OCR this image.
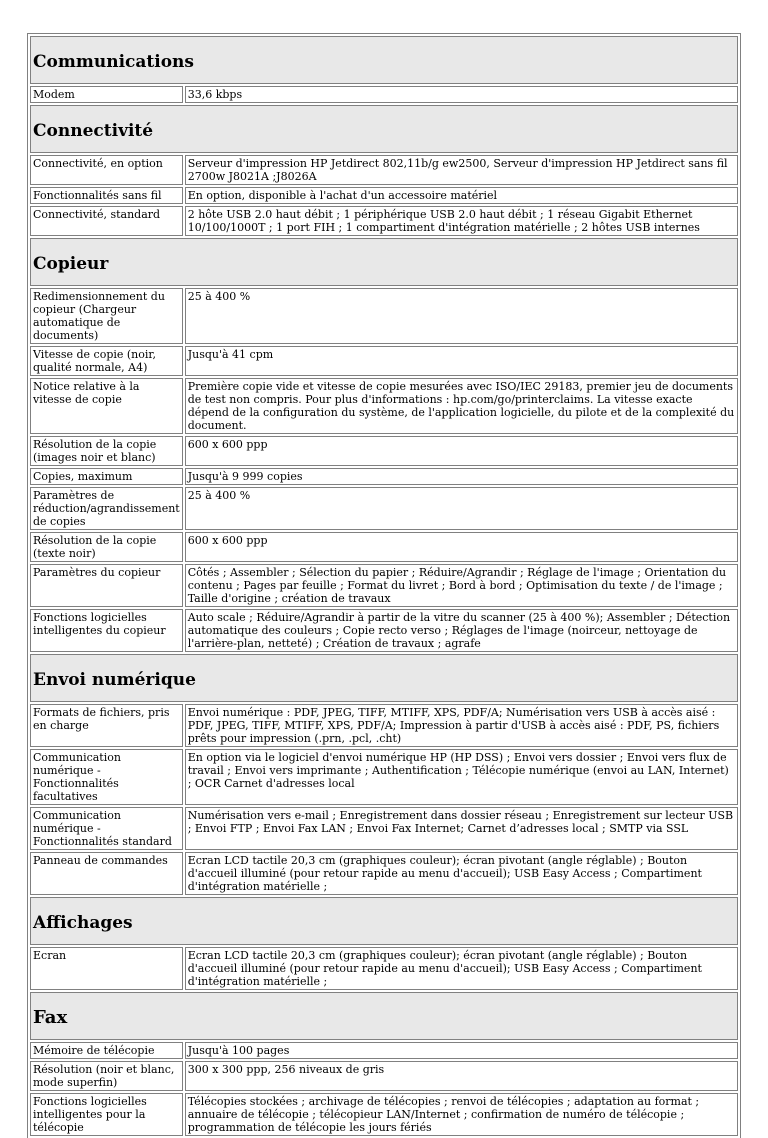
Communications	

Modem	33,6 kbps

Connectivité	

Connectivité, en option	Serveur d'impression HP Jetdirect 802,11b/g ew2500, Serveur d'impression HP Jetdirect sans fil 2700w J8021A ;J8026A
Fonctionnalités sans fil	En option, disponible à l'achat d'un accessoire matériel
Connectivité, standard	2 hôte USB 2.0 haut débit ; 1 périphérique USB 2.0 haut débit ; 1 réseau Gigabit Ethernet 10/100/1000T ; 1 port FIH ; 1 compartiment d'intégration matérielle ; 2 hôtes USB internes

Copieur	

Redimensionnement du copieur (Chargeur automatique de documents)	25 à 400 %
Vitesse de copie (noir, qualité normale, A4)	Jusqu'à 41 cpm
Notice relative à la vitesse de copie	Première copie vide et vitesse de copie mesurées avec ISO/IEC 29183, premier jeu de documents de test non compris. Pour plus d'informations : hp.com/go/printerclaims. La vitesse exacte dépend de la configuration du système, de l'application logicielle, du pilote et de la complexité du document.
Résolution de la copie (images noir et blanc)	600 x 600 ppp
Copies, maximum	Jusqu'à 9 999 copies
Paramètres de réduction/agrandissement de copies	25 à 400 %
Résolution de la copie (texte noir)	600 x 600 ppp
Paramètres du copieur	Côtés ; Assembler ; Sélection du papier ; Réduire/Agrandir ; Réglage de l'image ; Orientation du contenu ; Pages par feuille ; Format du livret ; Bord à bord ; Optimisation du texte / de l'image ; Taille d'origine ; création de travaux
Fonctions logicielles intelligentes du copieur	Auto scale ; Réduire/Agrandir à partir de la vitre du scanner (25 à 400 %); Assembler ; Détection automatique des couleurs ; Copie recto verso ; Réglages de l'image (noirceur, nettoyage de l'arrière-plan, netteté) ; Création de travaux ; agrafe

Envoi numérique	

Formats de fichiers, pris en charge	Envoi numérique : PDF, JPEG, TIFF, MTIFF, XPS, PDF/A; Numérisation vers USB à accès aisé : PDF, JPEG, TIFF, MTIFF, XPS, PDF/A; Impression à partir d'USB à accès aisé : PDF, PS, fichiers prêts pour impression (.prn, .pcl, .cht)
Communication numérique - Fonctionnalités facultatives	En option via le logiciel d'envoi numérique HP (HP DSS) ; Envoi vers dossier ; Envoi vers flux de travail ; Envoi vers imprimante ; Authentification ; Télécopie numérique (envoi au LAN, Internet) ; OCR Carnet d'adresses local
Communication numérique - Fonctionnalités standard	Numérisation vers e-mail ; Enregistrement dans dossier réseau ; Enregistrement sur lecteur USB ; Envoi FTP ; Envoi Fax LAN ; Envoi Fax Internet; Carnet d’adresses local ; SMTP via SSL
Panneau de commandes	Ecran LCD tactile 20,3 cm (graphiques couleur); écran pivotant (angle réglable) ; Bouton d'accueil illuminé (pour retour rapide au menu d'accueil); USB Easy Access ; Compartiment d'intégration matérielle ;

Affichages	

Ecran	Ecran LCD tactile 20,3 cm (graphiques couleur); écran pivotant (angle réglable) ; Bouton d'accueil illuminé (pour retour rapide au menu d'accueil); USB Easy Access ; Compartiment d'intégration matérielle ;

Fax	

Mémoire de télécopie	Jusqu'à 100 pages
Résolution (noir et blanc, mode superfin)	300 x 300 ppp, 256 niveaux de gris
Fonctions logicielles intelligentes pour la télécopie	Télécopies stockées ; archivage de télécopies ; renvoi de télécopies ; adaptation au format ; annuaire de télécopie ; télécopieur LAN/Internet ; confirmation de numéro de télécopie ; programmation de télécopie les jours fériés
